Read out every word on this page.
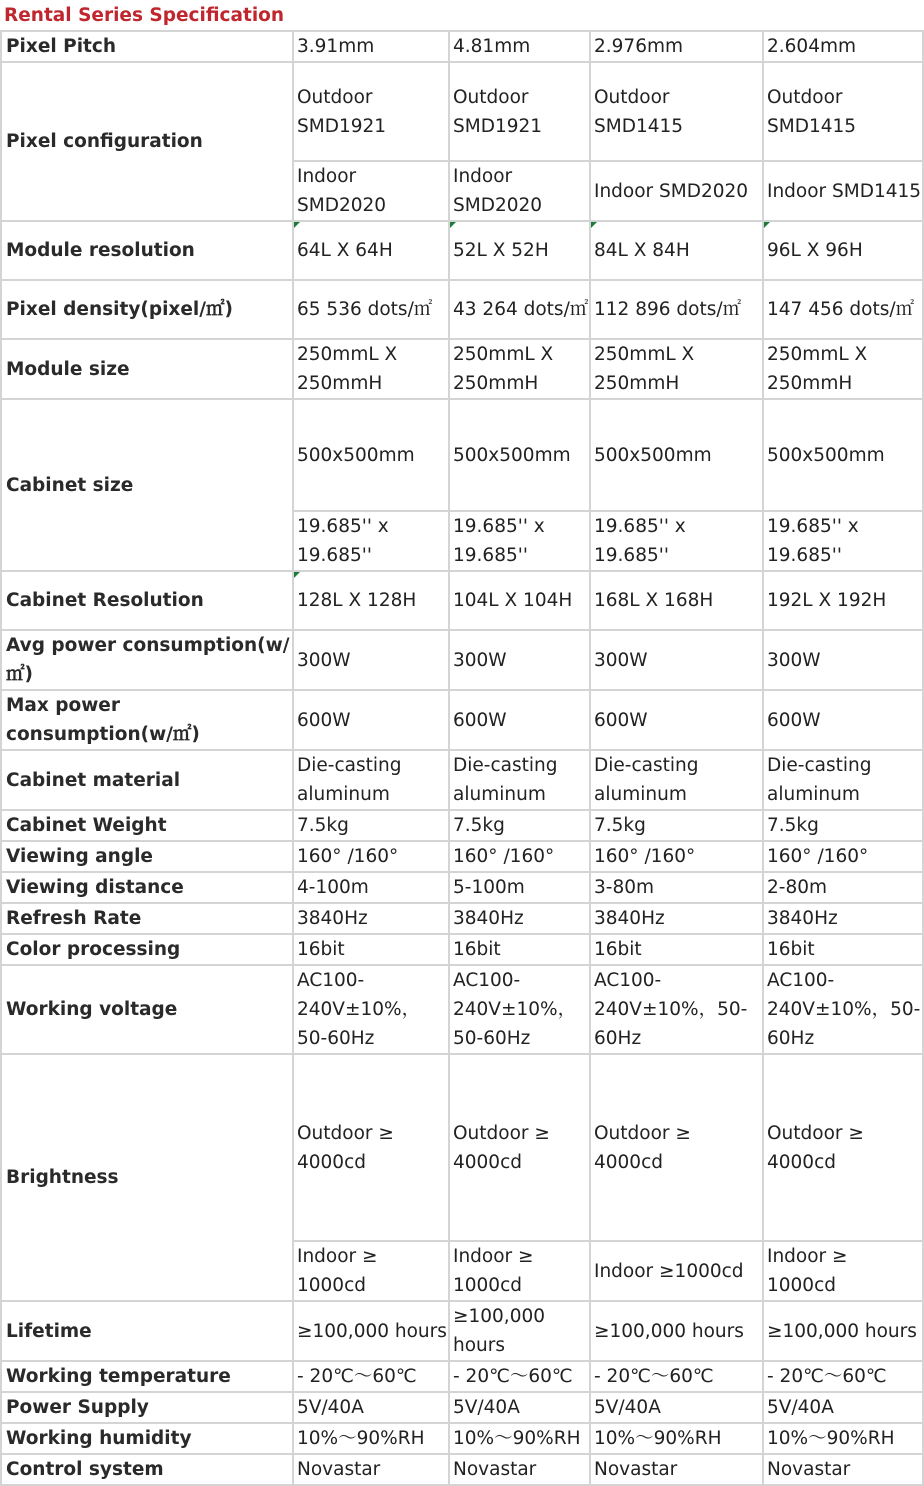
Rental Series Specification
Pixel Pitch	3.91mm	4.81mm	2.976mm	2.604mm
Pixel configuration	Outdoor SMD1921	Outdoor SMD1921	Outdoor SMD1415	Outdoor SMD1415
	Indoor SMD2020	Indoor SMD2020	Indoor SMD2020	Indoor SMD1415
Module resolution	64L X 64H	52L X 52H	84L X 84H	96L X 96H
Pixel density(pixel/㎡)	65 536 dots/㎡	43 264 dots/㎡	112 896 dots/㎡	147 456 dots/㎡
Module size	250mmL X 250mmH	250mmL X 250mmH	250mmL X 250mmH	250mmL X 250mmH
Cabinet size	500x500mm	500x500mm	500x500mm	500x500mm
	19.685'' x 19.685''	19.685'' x 19.685''	19.685'' x 19.685''	19.685'' x 19.685''
Cabinet Resolution	128L X 128H	104L X 104H	168L X 168H	192L X 192H
Avg power consumption(w/㎡)	300W	300W	300W	300W
Max power consumption(w/㎡)	600W	600W	600W	600W
Cabinet material	Die-casting aluminum	Die-casting aluminum	Die-casting aluminum	Die-casting aluminum
Cabinet Weight	7.5kg	7.5kg	7.5kg	7.5kg
Viewing angle	160° /160°	160° /160°	160° /160°	160° /160°
Viewing distance	4-100m	5-100m	3-80m	2-80m
Refresh Rate	3840Hz	3840Hz	3840Hz	3840Hz
Color processing	16bit	16bit	16bit	16bit
Working voltage	AC100-240V±10%，50-60Hz	AC100-240V±10%，50-60Hz	AC100-240V±10%，50-60Hz	AC100-240V±10%，50-60Hz
Brightness	Outdoor ≥ 4000cd	Outdoor ≥ 4000cd	Outdoor ≥ 4000cd	Outdoor ≥ 4000cd
	Indoor ≥ 1000cd	Indoor ≥ 1000cd	Indoor ≥1000cd	Indoor ≥ 1000cd
Lifetime	≥100,000 hours	≥100,000 hours	≥100,000 hours	≥100,000 hours
Working temperature	- 20℃～60℃	- 20℃～60℃	- 20℃～60℃	- 20℃～60℃
Power Supply	5V/40A	5V/40A	5V/40A	5V/40A
Working humidity	10%～90%RH	10%～90%RH	10%～90%RH	10%～90%RH
Control system	Novastar	Novastar	Novastar	Novastar
